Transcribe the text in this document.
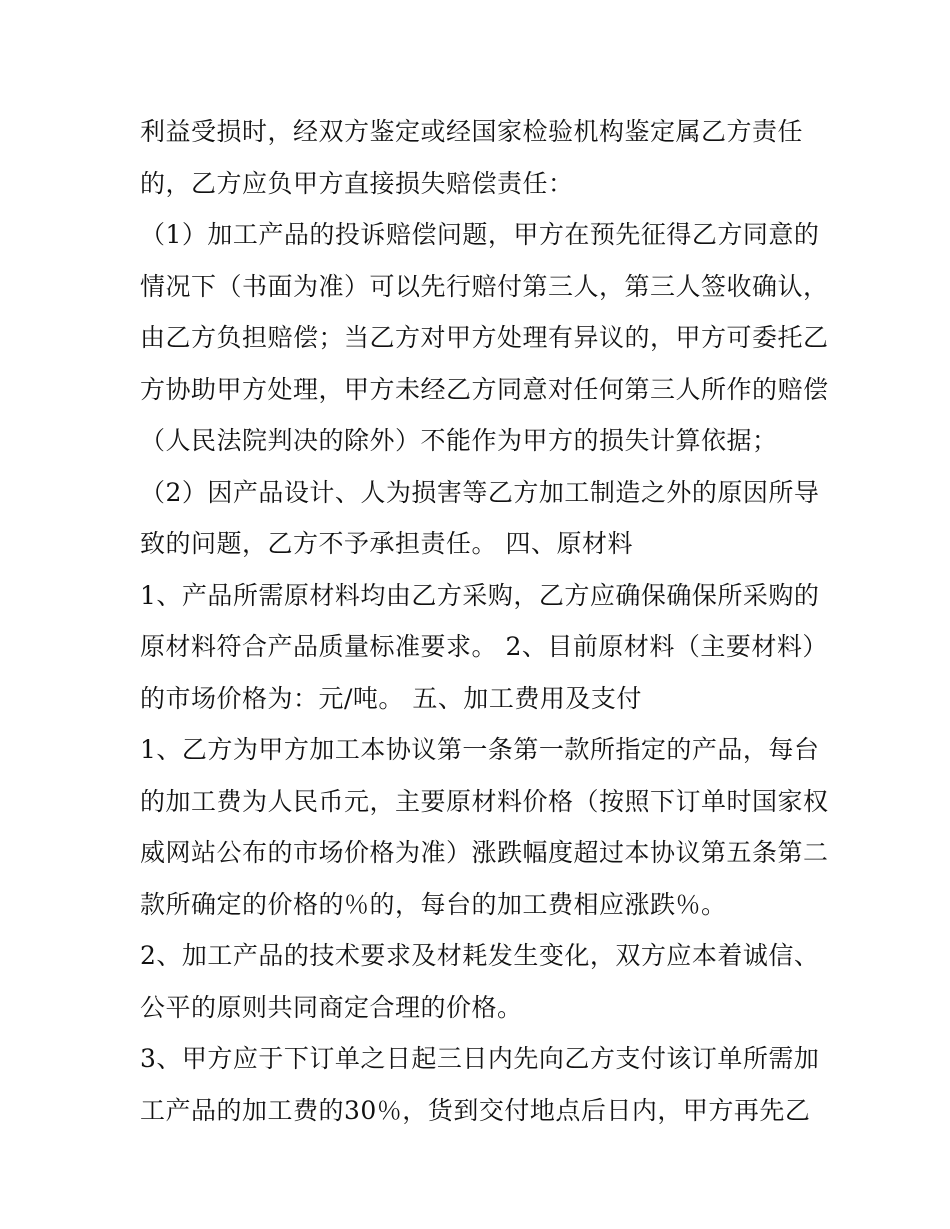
利益受损时，经双方鉴定或经国家检验机构鉴定属乙方责任
的，乙方应负甲方直接损失赔偿责任：
（1）加工产品的投诉赔偿问题，甲方在预先征得乙方同意的
情况下（书面为准）可以先行赔付第三人，第三人签收确认，
由乙方负担赔偿；当乙方对甲方处理有异议的，甲方可委托乙
方协助甲方处理，甲方未经乙方同意对任何第三人所作的赔偿
（人民法院判决的除外）不能作为甲方的损失计算依据；
（2）因产品设计、人为损害等乙方加工制造之外的原因所导
致的问题，乙方不予承担责任。 四、原材料
1、产品所需原材料均由乙方采购，乙方应确保确保所采购的
原材料符合产品质量标准要求。 2、目前原材料（主要材料）
的市场价格为：元/吨。 五、加工费用及支付
1、乙方为甲方加工本协议第一条第一款所指定的产品，每台
的加工费为人民币元，主要原材料价格（按照下订单时国家权
威网站公布的市场价格为准）涨跌幅度超过本协议第五条第二
款所确定的价格的％的，每台的加工费相应涨跌％。
2、加工产品的技术要求及材耗发生变化，双方应本着诚信、
公平的原则共同商定合理的价格。
3、甲方应于下订单之日起三日内先向乙方支付该订单所需加
工产品的加工费的30％，货到交付地点后日内，甲方再先乙
